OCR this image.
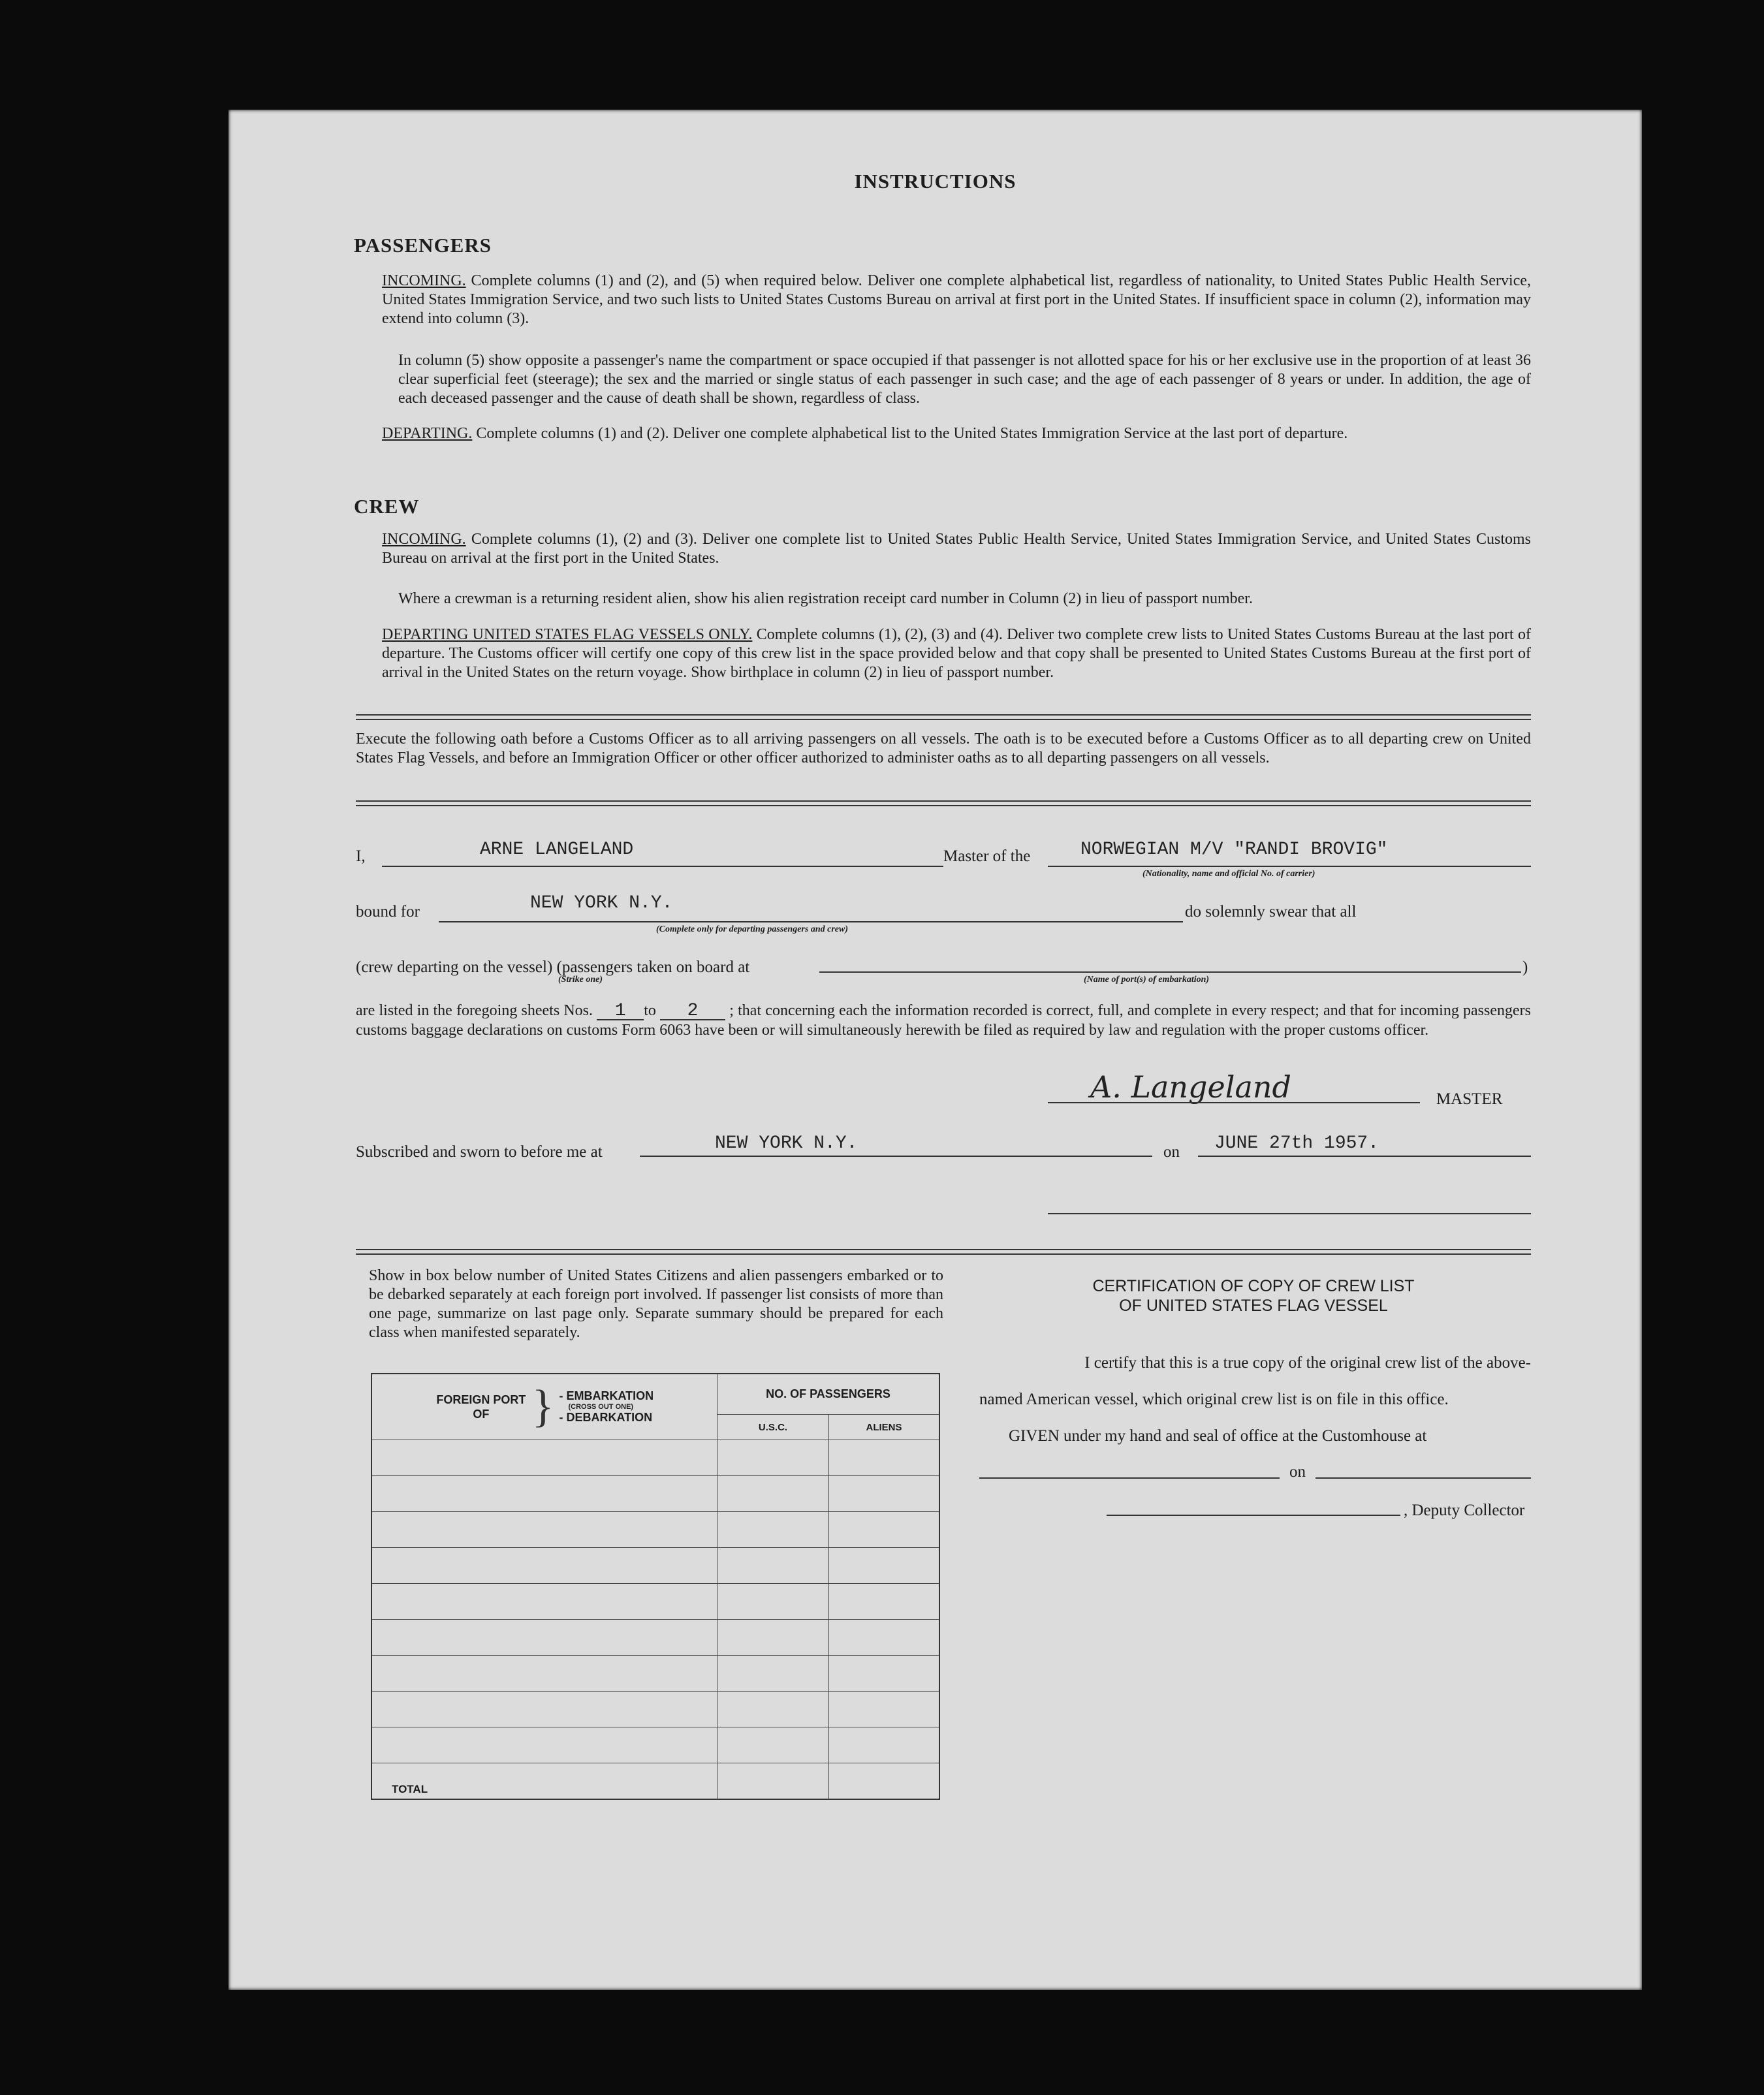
INSTRUCTIONS
PASSENGERS
INCOMING. Complete columns (1) and (2), and (5) when required below. Deliver one complete alphabetical list, regardless of nationality, to United States Public Health Service, United States Immigration Service, and two such lists to United States Customs Bureau on arrival at first port in the United States. If insufficient space in column (2), information may extend into column (3).
In column (5) show opposite a passenger's name the compartment or space occupied if that passenger is not allotted space for his or her exclusive use in the proportion of at least 36 clear superficial feet (steerage); the sex and the married or single status of each passenger in such case; and the age of each passenger of 8 years or under. In addition, the age of each deceased passenger and the cause of death shall be shown, regardless of class.
DEPARTING. Complete columns (1) and (2). Deliver one complete alphabetical list to the United States Immigration Service at the last port of departure.
CREW
INCOMING. Complete columns (1), (2) and (3). Deliver one complete list to United States Public Health Service, United States Immigration Service, and United States Customs Bureau on arrival at the first port in the United States.
Where a crewman is a returning resident alien, show his alien registration receipt card number in Column (2) in lieu of passport number.
DEPARTING UNITED STATES FLAG VESSELS ONLY. Complete columns (1), (2), (3) and (4). Deliver two complete crew lists to United States Customs Bureau at the last port of departure. The Customs officer will certify one copy of this crew list in the space provided below and that copy shall be presented to United States Customs Bureau at the first port of arrival in the United States on the return voyage. Show birthplace in column (2) in lieu of passport number.
Execute the following oath before a Customs Officer as to all arriving passengers on all vessels. The oath is to be executed before a Customs Officer as to all departing crew on United States Flag Vessels, and before an Immigration Officer or other officer authorized to administer oaths as to all departing passengers on all vessels.
I,	ARNE LANGELAND	Master of the	NORWEGIAN M/V "RANDI BROVIG"
(Nationality, name and official No. of carrier)
bound for	NEW YORK N.Y.
(Complete only for departing passengers and crew)
do solemnly swear that all
(crew departing on the vessel) (passengers taken on board at	)
(Strike one)	(Name of port(s) of embarkation)
are listed in the foregoing sheets Nos. 1 to 2 ; that concerning each the information recorded is correct, full, and complete in every respect; and that for incoming passengers customs baggage declarations on customs Form 6063 have been or will simultaneously herewith be filed as required by law and regulation with the proper customs officer.
A. Langeland	MASTER
Subscribed and sworn to before me at	NEW YORK N.Y.	on JUNE 27th 1957.
Show in box below number of United States Citizens and alien passengers embarked or to be debarked separately at each foreign port involved. If passenger list consists of more than one page, summarize on last page only. Separate summary should be prepared for each class when manifested separately.
FOREIGN PORT OF } - EMBARKATION
(CROSS OUT ONE)
- DEBARKATION	NO. OF PASSENGERS	
	U.S.C.	ALIENS

TOTAL		
CERTIFICATION OF COPY OF CREW LIST
OF UNITED STATES FLAG VESSEL
I certify that this is a true copy of the original crew list of the above-
named American vessel, which original crew list is on file in this office.
GIVEN under my hand and seal of office at the Customhouse at
on
, Deputy Collector
